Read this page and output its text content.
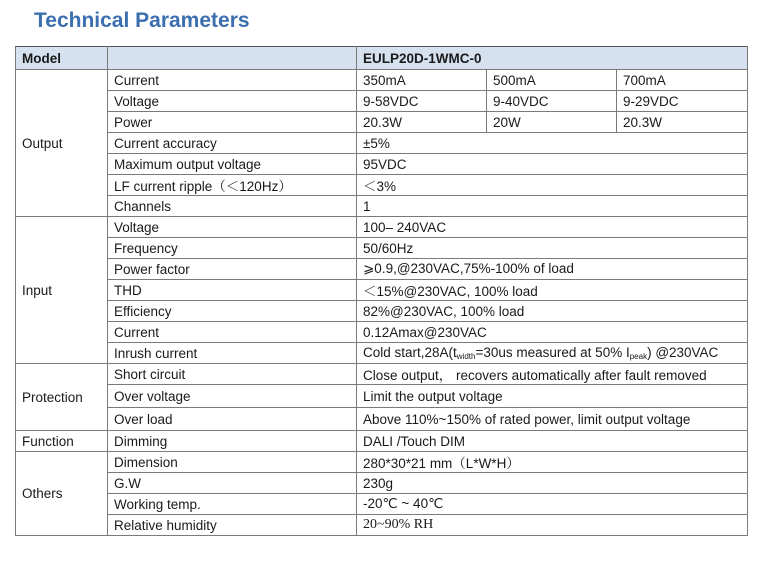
Technical Parameters
Model		EULP20D-1WMC-0		
Output	Current	350mA	500mA	700mA
	Voltage	9-58VDC	9-40VDC	9-29VDC
	Power	20.3W	20W	20.3W
	Current accuracy	±5%		
	Maximum output voltage	95VDC		
	LF current ripple（＜120Hz）	＜3%		
	Channels	1		
Input	Voltage	100– 240VAC		
	Frequency	50/60Hz		
	Power factor	⩾0.9,@230VAC,75%-100% of load		
	THD	＜15%@230VAC, 100% load		
	Efficiency	82%@230VAC, 100% load		
	Current	0.12Amax@230VAC		
	Inrush current	Cold $start,28A(t_{width}=30us$ measured at 50% $I_{peak}$) @230VAC		
Protection	Short circuit	Close output， recovers automatically after fault removed		
	Over voltage	Limit the output voltage		
	Over load	Above 110%~150% of rated power, limit output voltage		
Function	Dimming	DALI /Touch DIM		
Others	Dimension	280*30*21 mm（L*W*H）		
	G.W	230g		
	Working temp.	-20℃ ~ 40℃		
	Relative humidity	20~90% RH		
